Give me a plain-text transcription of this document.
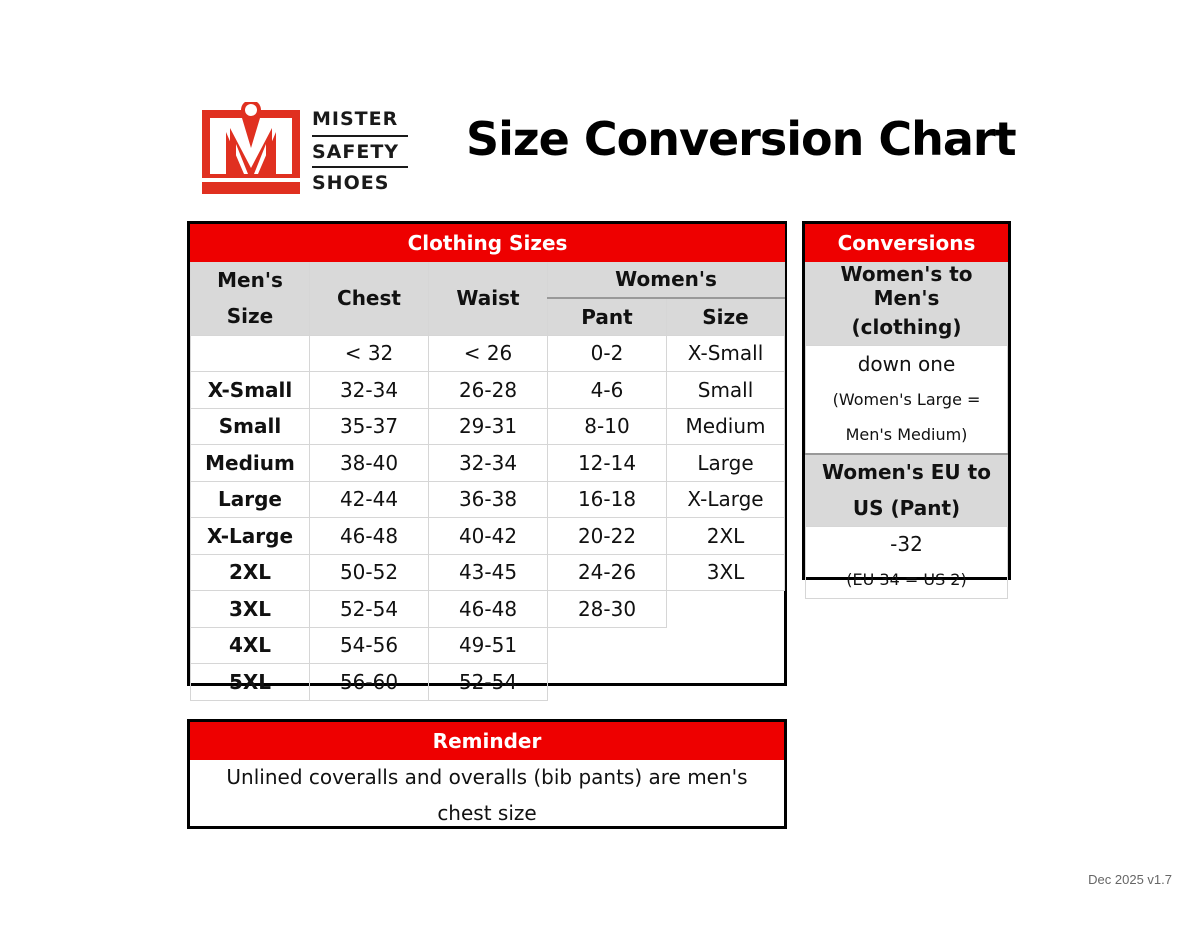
MISTER
SAFETY
SHOES
Size Conversion Chart
Clothing Sizes				
Men's Size	Chest	Waist	Women's	
			Pant	Size
	< 32	< 26	0-2	X-Small
X-Small	32-34	26-28	4-6	Small
Small	35-37	29-31	8-10	Medium
Medium	38-40	32-34	12-14	Large
Large	42-44	36-38	16-18	X-Large
X-Large	46-48	40-42	20-22	2XL
2XL	50-52	43-45	24-26	3XL
3XL	52-54	46-48	28-30	
4XL	54-56	49-51		
5XL	56-60	52-54		
Conversions
Women's to Men's
(clothing)
down one
(Women's Large =
Men's Medium)
Women's EU to
US (Pant)
-32
(EU 34 = US 2)
Reminder
Unlined coveralls and overalls (bib pants) are men's
chest size
Dec 2025 v1.7
